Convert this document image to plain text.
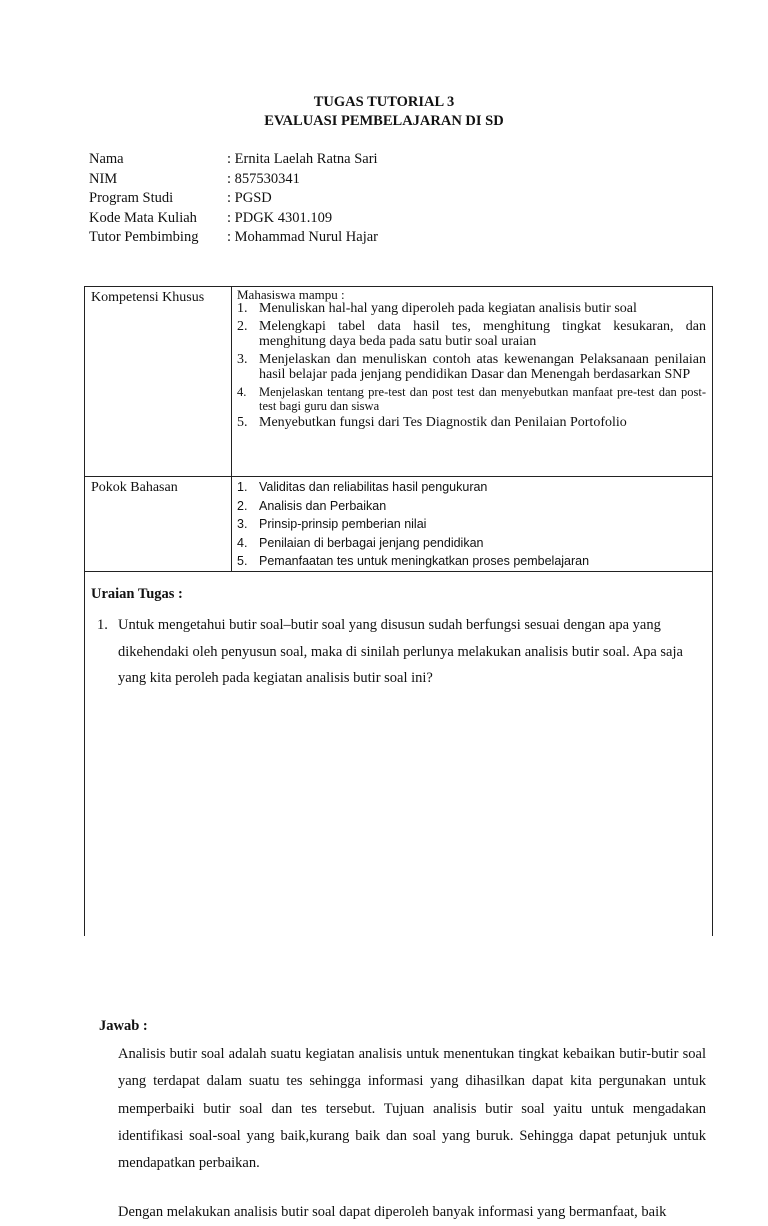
TUGAS TUTORIAL 3
EVALUASI PEMBELAJARAN DI SD
Nama	: Ernita Laelah Ratna Sari
NIM	: 857530341
Program Studi	: PGSD
Kode Mata Kuliah	: PDGK 4301.109
Tutor Pembimbing	: Mohammad Nurul Hajar
Kompetensi Khusus	Mahasiswa mampu :
1. Menuliskan hal-hal yang diperoleh pada kegiatan analisis butir soal
2. Melengkapi tabel data hasil tes, menghitung tingkat kesukaran, dan menghitung daya beda pada satu butir soal uraian
3. Menjelaskan dan menuliskan contoh atas kewenangan Pelaksanaan penilaian hasil belajar pada jenjang pendidikan Dasar dan Menengah berdasarkan SNP
4.	Menjelaskan tentang pre-test dan post test dan menyebutkan manfaat pre-test dan post-test bagi guru dan siswa
5. Menyebutkan fungsi dari Tes Diagnostik dan Penilaian Portofolio
Pokok Bahasan	1. Validitas dan reliabilitas hasil pengukuran
2. Analisis dan Perbaikan
3. Prinsip-prinsip pemberian nilai
4. Penilaian di berbagai jenjang pendidikan
5. Pemanfaatan tes untuk meningkatkan proses pembelajaran
Uraian Tugas :
1. Untuk mengetahui butir soal–butir soal yang disusun sudah berfungsi sesuai dengan apa yang dikehendaki oleh penyusun soal, maka di sinilah perlunya melakukan analisis butir soal. Apa saja yang kita peroleh pada kegiatan analisis butir soal ini?
Jawab :
Analisis butir soal adalah suatu kegiatan analisis untuk menentukan tingkat kebaikan butir-butir soal yang terdapat dalam suatu tes sehingga informasi yang dihasilkan dapat kita pergunakan untuk memperbaiki butir soal dan tes tersebut. Tujuan analisis butir soal yaitu untuk mengadakan identifikasi soal-soal yang baik,kurang baik dan soal yang buruk. Sehingga dapat petunjuk untuk mendapatkan perbaikan.
Dengan melakukan analisis butir soal dapat diperoleh banyak informasi yang bermanfaat, baik
